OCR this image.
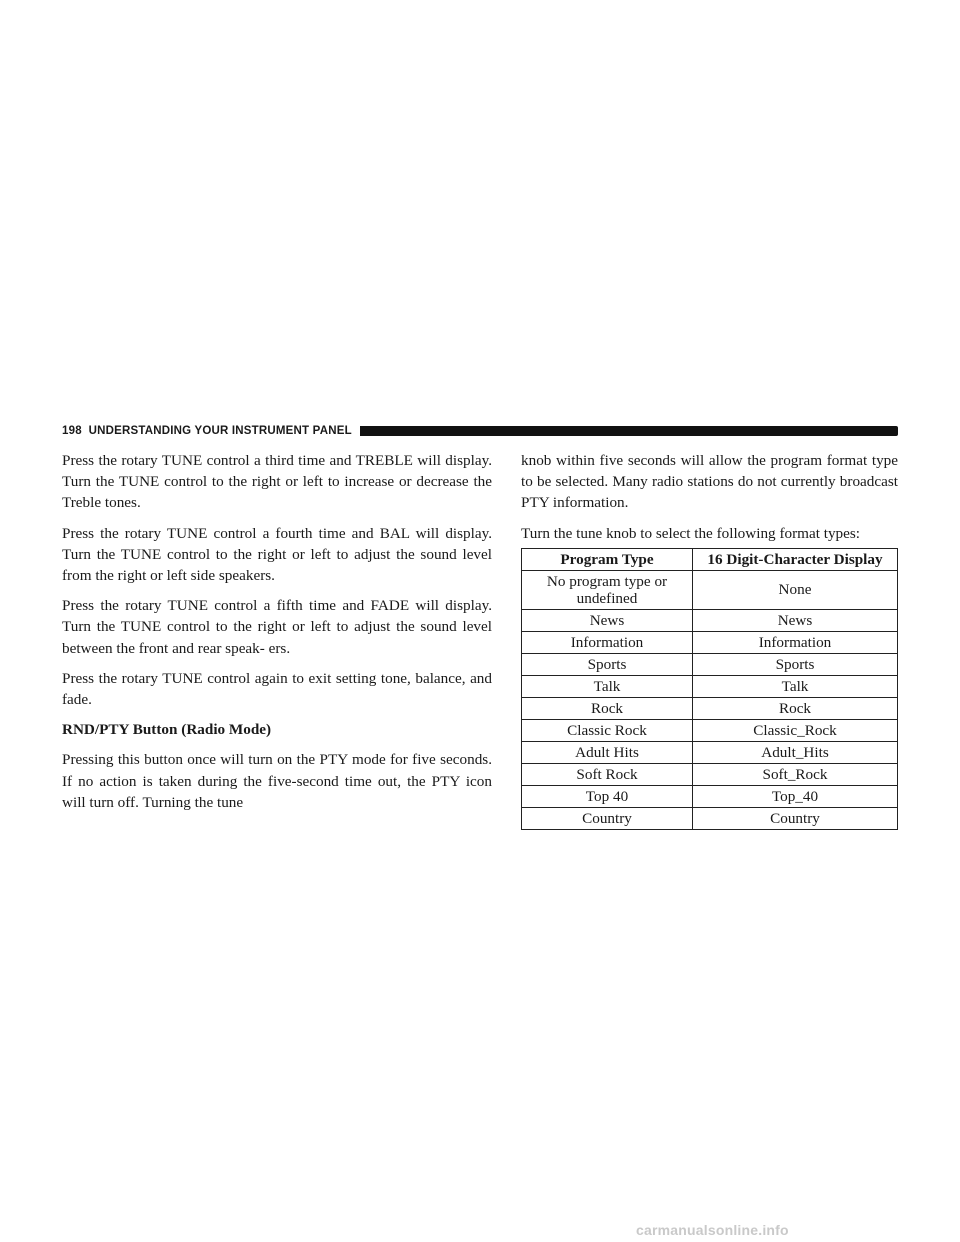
198 UNDERSTANDING YOUR INSTRUMENT PANEL

Press the rotary TUNE control a third time and TREBLE will display. Turn the TUNE control to the right or left to increase or decrease the Treble tones.

Press the rotary TUNE control a fourth time and BAL will display. Turn the TUNE control to the right or left to adjust the sound level from the right or left side speakers.

Press the rotary TUNE control a fifth time and FADE will display. Turn the TUNE control to the right or left to adjust the sound level between the front and rear speak- ers.

Press the rotary TUNE control again to exit setting tone, balance, and fade.

RND/PTY Button (Radio Mode)

Pressing this button once will turn on the PTY mode for five seconds. If no action is taken during the five-second time out, the PTY icon will turn off. Turning the tune

knob within five seconds will allow the program format type to be selected. Many radio stations do not currently broadcast PTY information.

Turn the tune knob to select the following format types:

Program Type	16 Digit-Character Display
No program type or undefined	None
News	News
Information	Information
Sports	Sports
Talk	Talk
Rock	Rock
Classic Rock	Classic_Rock
Adult Hits	Adult_Hits
Soft Rock	Soft_Rock
Top 40	Top_40
Country	Country
carmanualsonline.info
